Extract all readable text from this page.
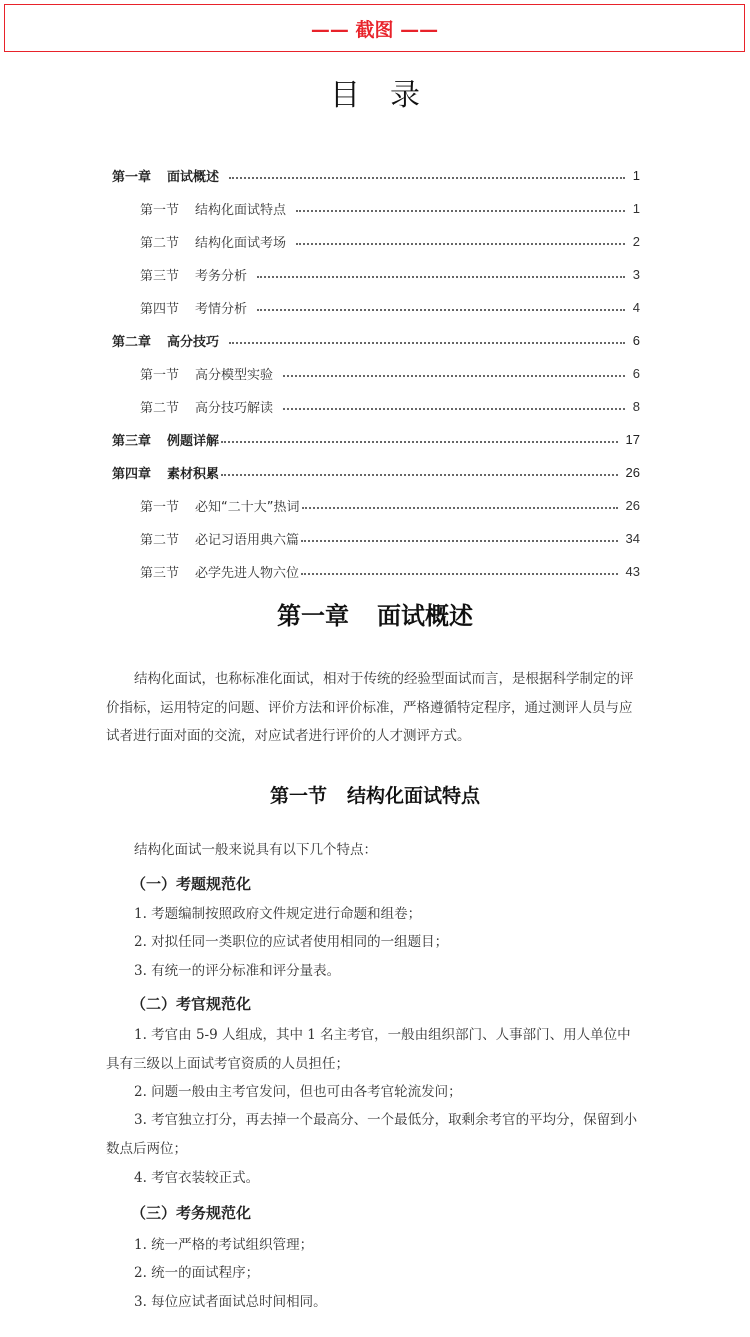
—— 截图 ——
目录
第一章 面试概述	1
第一节 结构化面试特点	1
第二节 结构化面试考场	2
第三节 考务分析	3
第四节 考情分析	4
第二章 高分技巧	6
第一节 高分模型实验	6
第二节 高分技巧解读	8
第三章 例题详解	17
第四章 素材积累	26
第一节 必知“二十大”热词	26
第二节 必记习语用典六篇	34
第三节 必学先进人物六位	43
第一章 面试概述
结构化面试，也称标准化面试，相对于传统的经验型面试而言，是根据科学制定的评价指标，运用特定的问题、评价方法和评价标准，严格遵循特定程序，通过测评人员与应试者进行面对面的交流，对应试者进行评价的人才测评方式。
第一节 结构化面试特点
结构化面试一般来说具有以下几个特点：
（一）考题规范化
1. 考题编制按照政府文件规定进行命题和组卷；
2. 对拟任同一类职位的应试者使用相同的一组题目；
3. 有统一的评分标准和评分量表。
（二）考官规范化
1. 考官由 5-9 人组成，其中 1 名主考官，一般由组织部门、人事部门、用人单位中具有三级以上面试考官资质的人员担任；
2. 问题一般由主考官发问，但也可由各考官轮流发问；
3. 考官独立打分，再去掉一个最高分、一个最低分，取剩余考官的平均分，保留到小数点后两位；
4. 考官衣装较正式。
（三）考务规范化
1. 统一严格的考试组织管理；
2. 统一的面试程序；
3. 每位应试者面试总时间相同。
